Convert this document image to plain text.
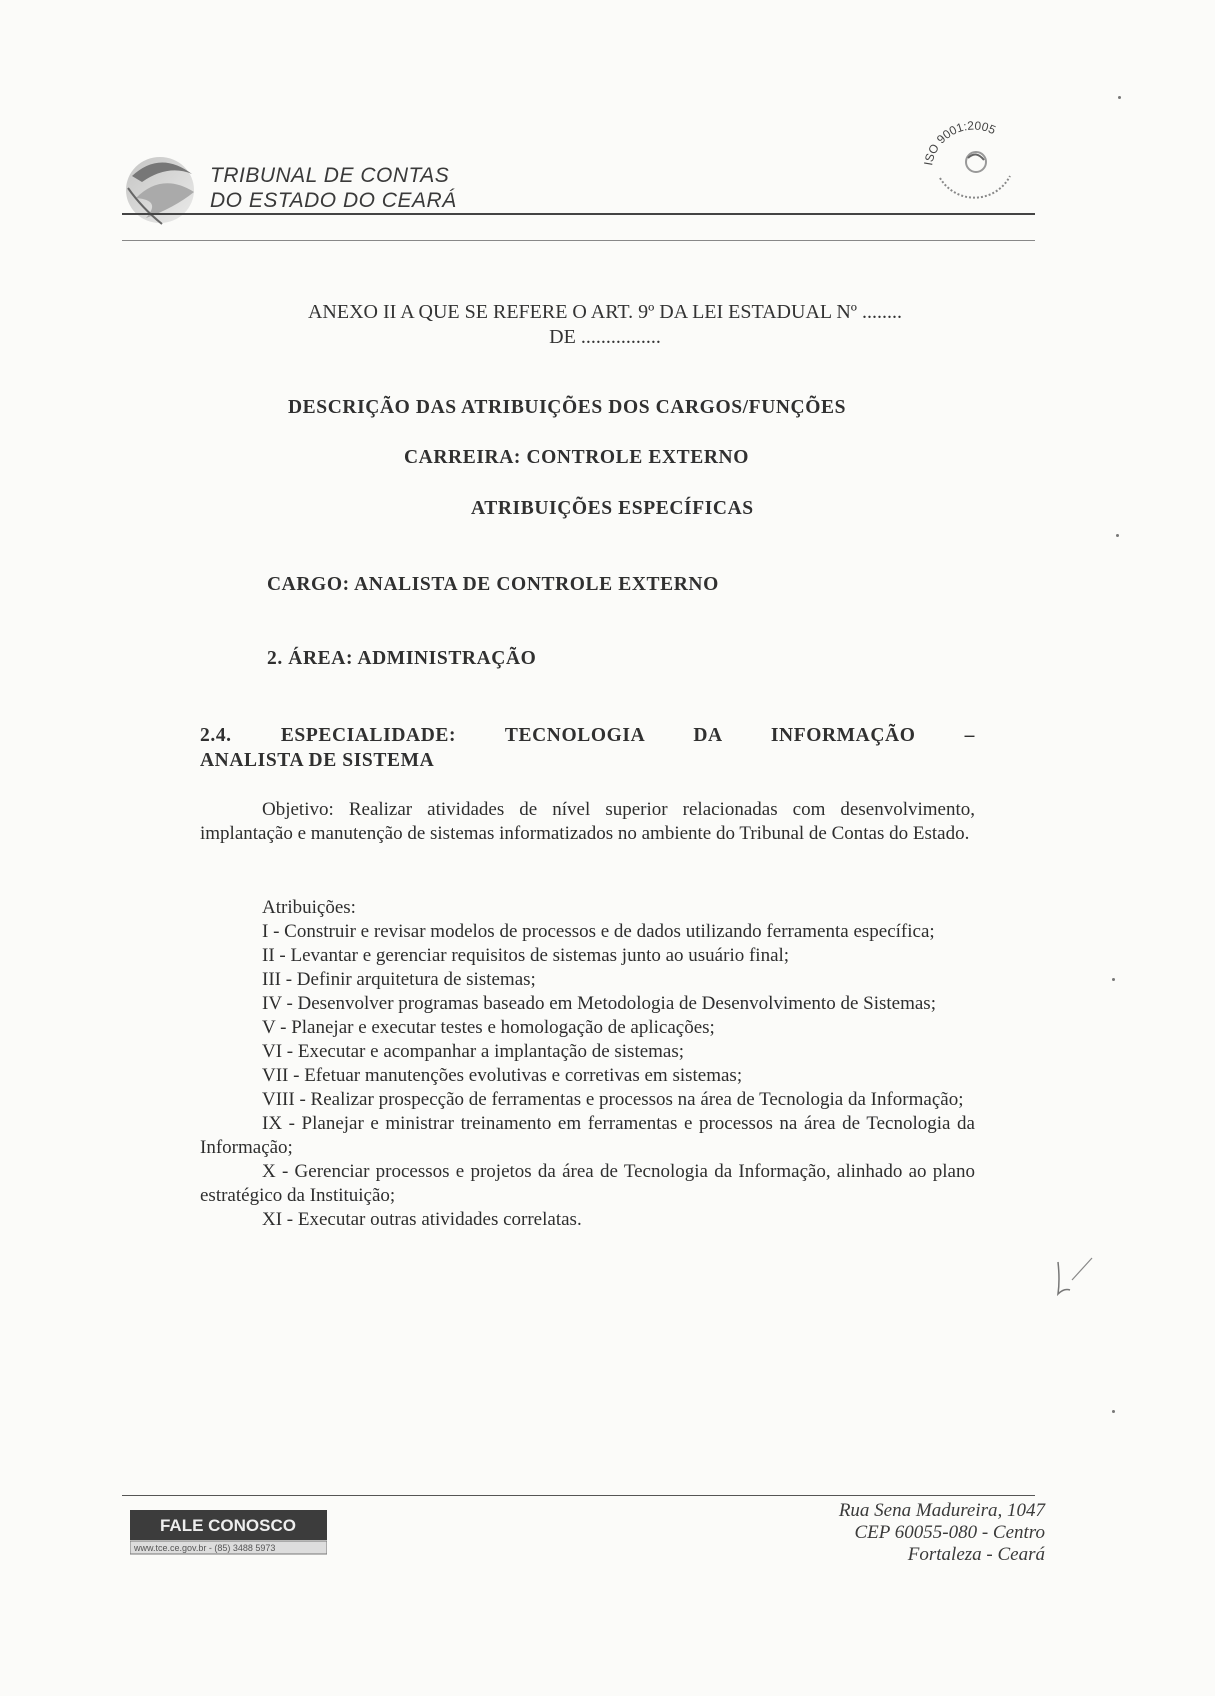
TRIBUNAL DE CONTAS
DO ESTADO DO CEARÁ

ISO 9001:2005
ANEXO II A QUE SE REFERE O ART. 9º DA LEI ESTADUAL Nº ........
DE ................
DESCRIÇÃO DAS ATRIBUIÇÕES DOS CARGOS/FUNÇÕES
CARREIRA: CONTROLE EXTERNO
ATRIBUIÇÕES ESPECÍFICAS
CARGO: ANALISTA DE CONTROLE EXTERNO
2. ÁREA: ADMINISTRAÇÃO
2.4. ESPECIALIDADE: TECNOLOGIA DA INFORMAÇÃO –
ANALISTA DE SISTEMA

Objetivo: Realizar atividades de nível superior relacionadas com desenvolvimento, implantação e manutenção de sistemas informatizados no ambiente do Tribunal de Contas do Estado.

Atribuições:

I - Construir e revisar modelos de processos e de dados utilizando ferramenta específica;
II - Levantar e gerenciar requisitos de sistemas junto ao usuário final;
III - Definir arquitetura de sistemas;
IV - Desenvolver programas baseado em Metodologia de Desenvolvimento de Sistemas;
V - Planejar e executar testes e homologação de aplicações;
VI - Executar e acompanhar a implantação de sistemas;
VII - Efetuar manutenções evolutivas e corretivas em sistemas;
VIII - Realizar prospecção de ferramentas e processos na área de Tecnologia da Informação;
IX - Planejar e ministrar treinamento em ferramentas e processos na área de Tecnologia da Informação;
X - Gerenciar processos e projetos da área de Tecnologia da Informação, alinhado ao plano estratégico da Instituição;
XI - Executar outras atividades correlatas.
FALE CONOSCO
www.tce.ce.gov.br - (85) 3488 5973

Rua Sena Madureira, 1047
CEP 60055-080 - Centro
Fortaleza - Ceará
